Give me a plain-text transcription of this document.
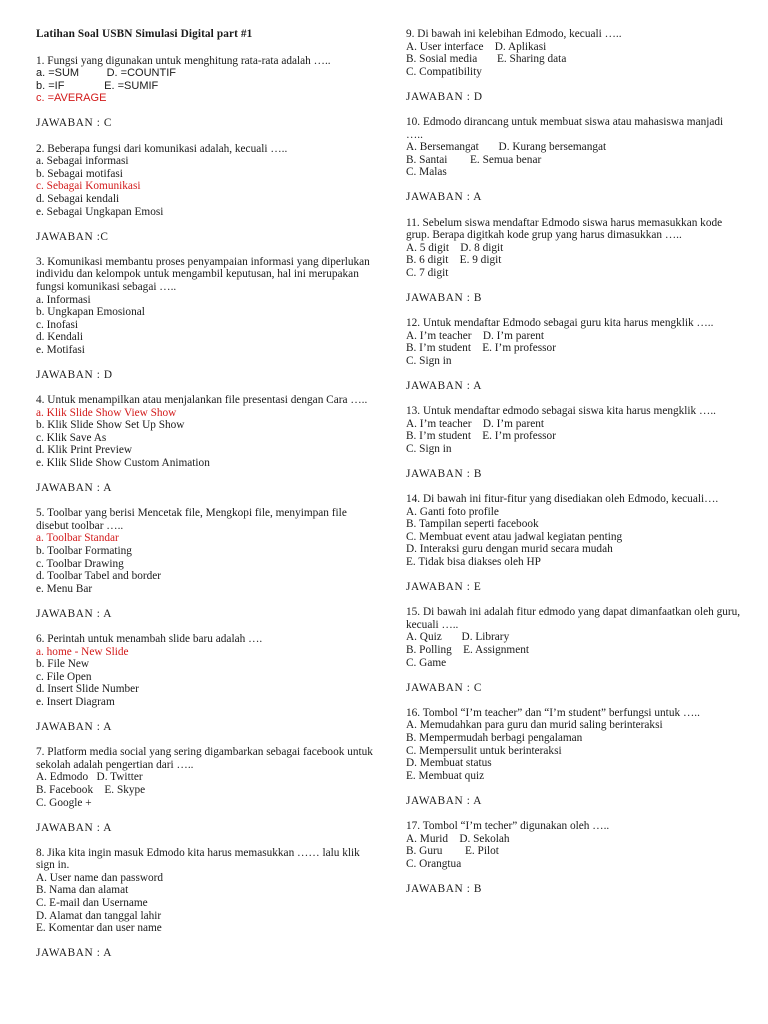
Latihan Soal USBN Simulasi Digital part #1
1. Fungsi yang digunakan untuk menghitung rata-rata adalah …..
a. =SUM         D. =COUNTIF
b. =IF             E. =SUMIF
c. =AVERAGE
JAWABAN : C
2. Beberapa fungsi dari komunikasi adalah, kecuali …..
a. Sebagai informasi
b. Sebagai motifasi
c. Sebagai Komunikasi
d. Sebagai kendali
e. Sebagai Ungkapan Emosi
JAWABAN :C
3. Komunikasi membantu proses penyampaian informasi yang diperlukan individu dan kelompok untuk mengambil keputusan, hal ini merupakan fungsi komunikasi sebagai …..
a. Informasi
b. Ungkapan Emosional
c. Inofasi
d. Kendali
e. Motifasi
JAWABAN : D
4. Untuk menampilkan atau menjalankan file presentasi dengan Cara …..
a. Klik Slide Show View Show
b. Klik Slide Show Set Up Show
c. Klik Save As
d. Klik Print Preview
e. Klik Slide Show Custom Animation
JAWABAN : A
5. Toolbar yang berisi Mencetak file, Mengkopi file, menyimpan file disebut toolbar …..
a. Toolbar Standar
b. Toolbar Formating
c. Toolbar Drawing
d. Toolbar Tabel and border
e. Menu Bar
JAWABAN : A
6. Perintah untuk menambah slide baru adalah ….
a. home - New Slide
b. File New
c. File Open
d. Insert Slide Number
e. Insert Diagram
JAWABAN : A
7. Platform media social yang sering digambarkan sebagai facebook untuk sekolah adalah pengertian dari …..
A. Edmodo   D. Twitter
B. Facebook    E. Skype
C. Google +
JAWABAN : A
8. Jika kita ingin masuk Edmodo kita harus memasukkan …… lalu klik sign in.
A. User name dan password
B. Nama dan alamat
C. E-mail dan Username
D. Alamat dan tanggal lahir
E. Komentar dan user name
JAWABAN : A
9. Di bawah ini kelebihan Edmodo, kecuali …..
A. User interface    D. Aplikasi
B. Sosial media       E. Sharing data
C. Compatibility
JAWABAN : D
10. Edmodo dirancang untuk membuat siswa atau mahasiswa manjadi …..
A. Bersemangat       D. Kurang bersemangat
B. Santai        E. Semua benar
C. Malas
JAWABAN : A
11. Sebelum siswa mendaftar Edmodo siswa harus memasukkan kode grup. Berapa digitkah kode grup yang harus dimasukkan …..
A. 5 digit    D. 8 digit
B. 6 digit    E. 9 digit
C. 7 digit
JAWABAN : B
12. Untuk mendaftar Edmodo sebagai guru kita harus mengklik …..
A. I’m teacher    D. I’m parent
B. I’m student    E. I’m professor
C. Sign in
JAWABAN : A
13. Untuk mendaftar edmodo sebagai siswa kita harus mengklik …..
A. I’m teacher    D. I’m parent
B. I’m student    E. I’m professor
C. Sign in
JAWABAN : B
14. Di bawah ini fitur-fitur yang disediakan oleh Edmodo, kecuali….
A. Ganti foto profile
B. Tampilan seperti facebook
C. Membuat event atau jadwal kegiatan penting
D. Interaksi guru dengan murid secara mudah
E. Tidak bisa diakses oleh HP
JAWABAN : E
15. Di bawah ini adalah fitur edmodo yang dapat dimanfaatkan oleh guru, kecuali …..
A. Quiz       D. Library
B. Polling    E. Assignment
C. Game
JAWABAN : C
16. Tombol “I’m teacher” dan “I’m student” berfungsi untuk …..
A. Memudahkan para guru dan murid saling berinteraksi
B. Mempermudah berbagi pengalaman
C. Mempersulit untuk berinteraksi
D. Membuat status
E. Membuat quiz
JAWABAN : A
17. Tombol “I’m techer” digunakan oleh …..
A. Murid    D. Sekolah
B. Guru        E. Pilot
C. Orangtua
JAWABAN : B
